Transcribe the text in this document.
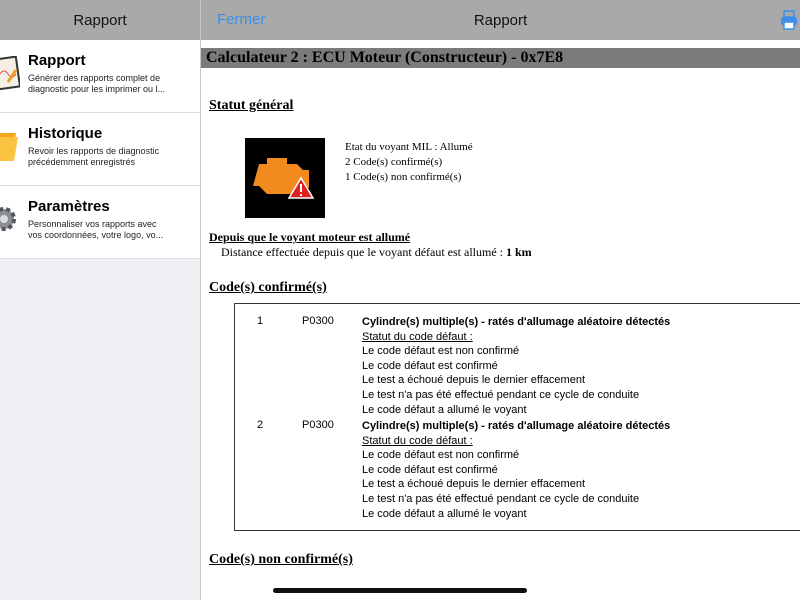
Rapport
Rapport
Générer des rapports complet de
diagnostic pour les imprimer ou l...
Historique
Revoir les rapports de diagnostic
précédemment enregistrés
Paramètres
Personnaliser vos rapports avec
vos coordonnées, votre logo, vo...
Fermer	Rapport
Calculateur 2 : ECU Moteur (Constructeur) - 0x7E8
Statut général
Etat du voyant MIL : Allumé
2 Code(s) confirmé(s)
1 Code(s) non confirmé(s)
Depuis que le voyant moteur est allumé
Distance effectuée depuis que le voyant défaut est allumé : 1 km
Code(s) confirmé(s)
1	P0300	Cylindre(s) multiple(s) - ratés d'allumage aléatoire détectés
Statut du code défaut :
Le code défaut est non confirmé
Le code défaut est confirmé
Le test a échoué depuis le dernier effacement
Le test n'a pas été effectué pendant ce cycle de conduite
Le code défaut a allumé le voyant
2	P0300	Cylindre(s) multiple(s) - ratés d'allumage aléatoire détectés
Statut du code défaut :
Le code défaut est non confirmé
Le code défaut est confirmé
Le test a échoué depuis le dernier effacement
Le test n'a pas été effectué pendant ce cycle de conduite
Le code défaut a allumé le voyant
Code(s) non confirmé(s)
